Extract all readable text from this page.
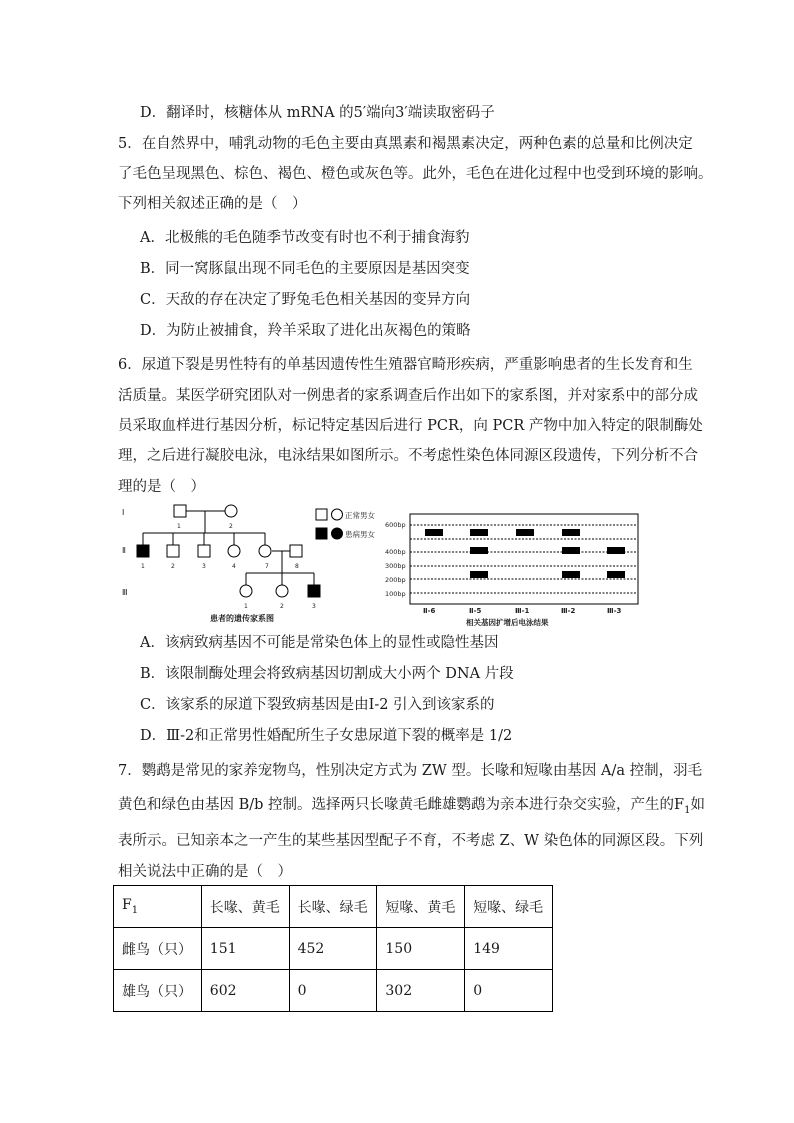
D．翻译时，核糖体从 mRNA 的5′端向3′端读取密码子
5．在自然界中，哺乳动物的毛色主要由真黑素和褐黑素决定，两种色素的总量和比例决定
了毛色呈现黑色、棕色、褐色、橙色或灰色等。此外，毛色在进化过程中也受到环境的影响。
下列相关叙述正确的是（　）
A．北极熊的毛色随季节改变有时也不利于捕食海豹
B．同一窝豚鼠出现不同毛色的主要原因是基因突变
C．天敌的存在决定了野兔毛色相关基因的变异方向
D．为防止被捕食，羚羊采取了进化出灰褐色的策略
6．尿道下裂是男性特有的单基因遗传性生殖器官畸形疾病，严重影响患者的生长发育和生
活质量。某医学研究团队对一例患者的家系调查后作出如下的家系图，并对家系中的部分成
员采取血样进行基因分析，标记特定基因后进行 PCR，向 PCR 产物中加入特定的限制酶处
理，之后进行凝胶电泳，电泳结果如图所示。不考虑性染色体同源区段遗传，下列分析不合
理的是（　）
Ⅰ
Ⅱ
Ⅲ
1	2
1	2	3	4	7	8
1	2	3
患者的遗传家系图
正常男女
患病男女
600bp
400bp
300bp
200bp
100bp
Ⅱ-6	Ⅱ-5	Ⅲ-1	Ⅲ-2	Ⅲ-3
相关基因扩增后电泳结果
A．该病致病基因不可能是常染色体上的显性或隐性基因
B．该限制酶处理会将致病基因切割成大小两个 DNA 片段
C．该家系的尿道下裂致病基因是由Ⅰ-2 引入到该家系的
D．Ⅲ-2和正常男性婚配所生子女患尿道下裂的概率是 1/2
7．鹦鹉是常见的家养宠物鸟，性别决定方式为 ZW 型。长喙和短喙由基因 A/a 控制，羽毛
黄色和绿色由基因 B/b 控制。选择两只长喙黄毛雌雄鹦鹉为亲本进行杂交实验，产生的$F_1$如
表所示。已知亲本之一产生的某些基因型配子不育，不考虑 Z、W 染色体的同源区段。下列
相关说法中正确的是（　）
$F_1$	长喙、黄毛	长喙、绿毛	短喙、黄毛	短喙、绿毛
雌鸟（只）	151	452	150	149
雄鸟（只）	602	0	302	0
